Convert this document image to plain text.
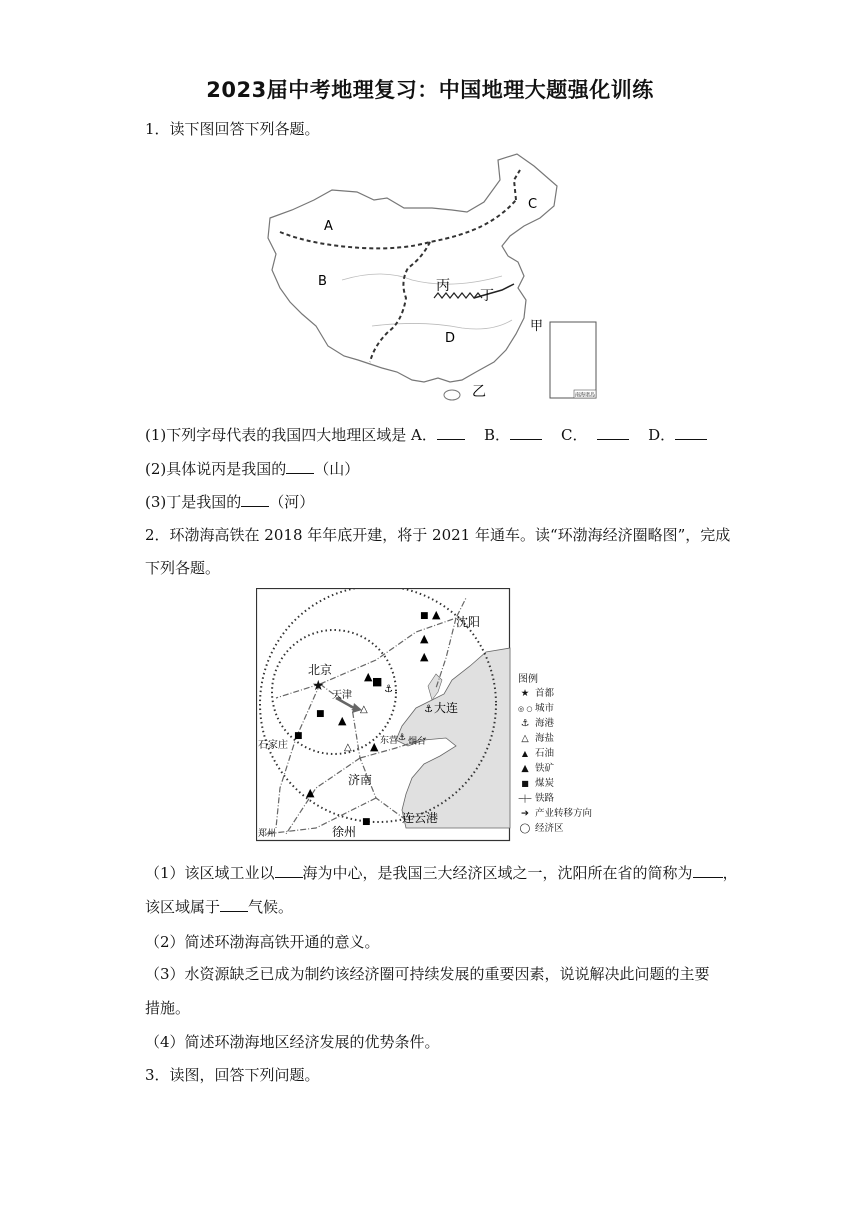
2023届中考地理复习：中国地理大题强化训练
1．读下图回答下列各题。
南海诸岛
A
B
C
D
丙
丁
甲
乙
(1)下列字母代表的我国四大地理区域是 A．	B．	C．	D．
(2)具体说丙是我国的 （山）
(3)丁是我国的 （河）
2．环渤海高铁在 2018 年年底开建，将于 2021 年通车。读“环渤海经济圈略图”，完成
下列各题。
★	■
▲
⚓
▲
▲
▲
■
⚓
▲
▲
■
▲
△
△
■
■	⚓
北京
天津
沈阳
大连
石家庄
济南
东营 烟台
连云港
徐州
郑州
图例
★ 首都
◎ ○ 城市
⚓ 海港
△ 海盐
▲ 石油
▲ 铁矿
■ 煤炭
─┼─ 铁路
➔ 产业转移方向
◯ 经济区
（1）该区域工业以 海为中心，是我国三大经济区域之一，沈阳所在省的简称为 ，
该区域属于 气候。
（2）简述环渤海高铁开通的意义。
（3）水资源缺乏已成为制约该经济圈可持续发展的重要因素，说说解决此问题的主要
措施。
（4）简述环渤海地区经济发展的优势条件。
3．读图，回答下列问题。
